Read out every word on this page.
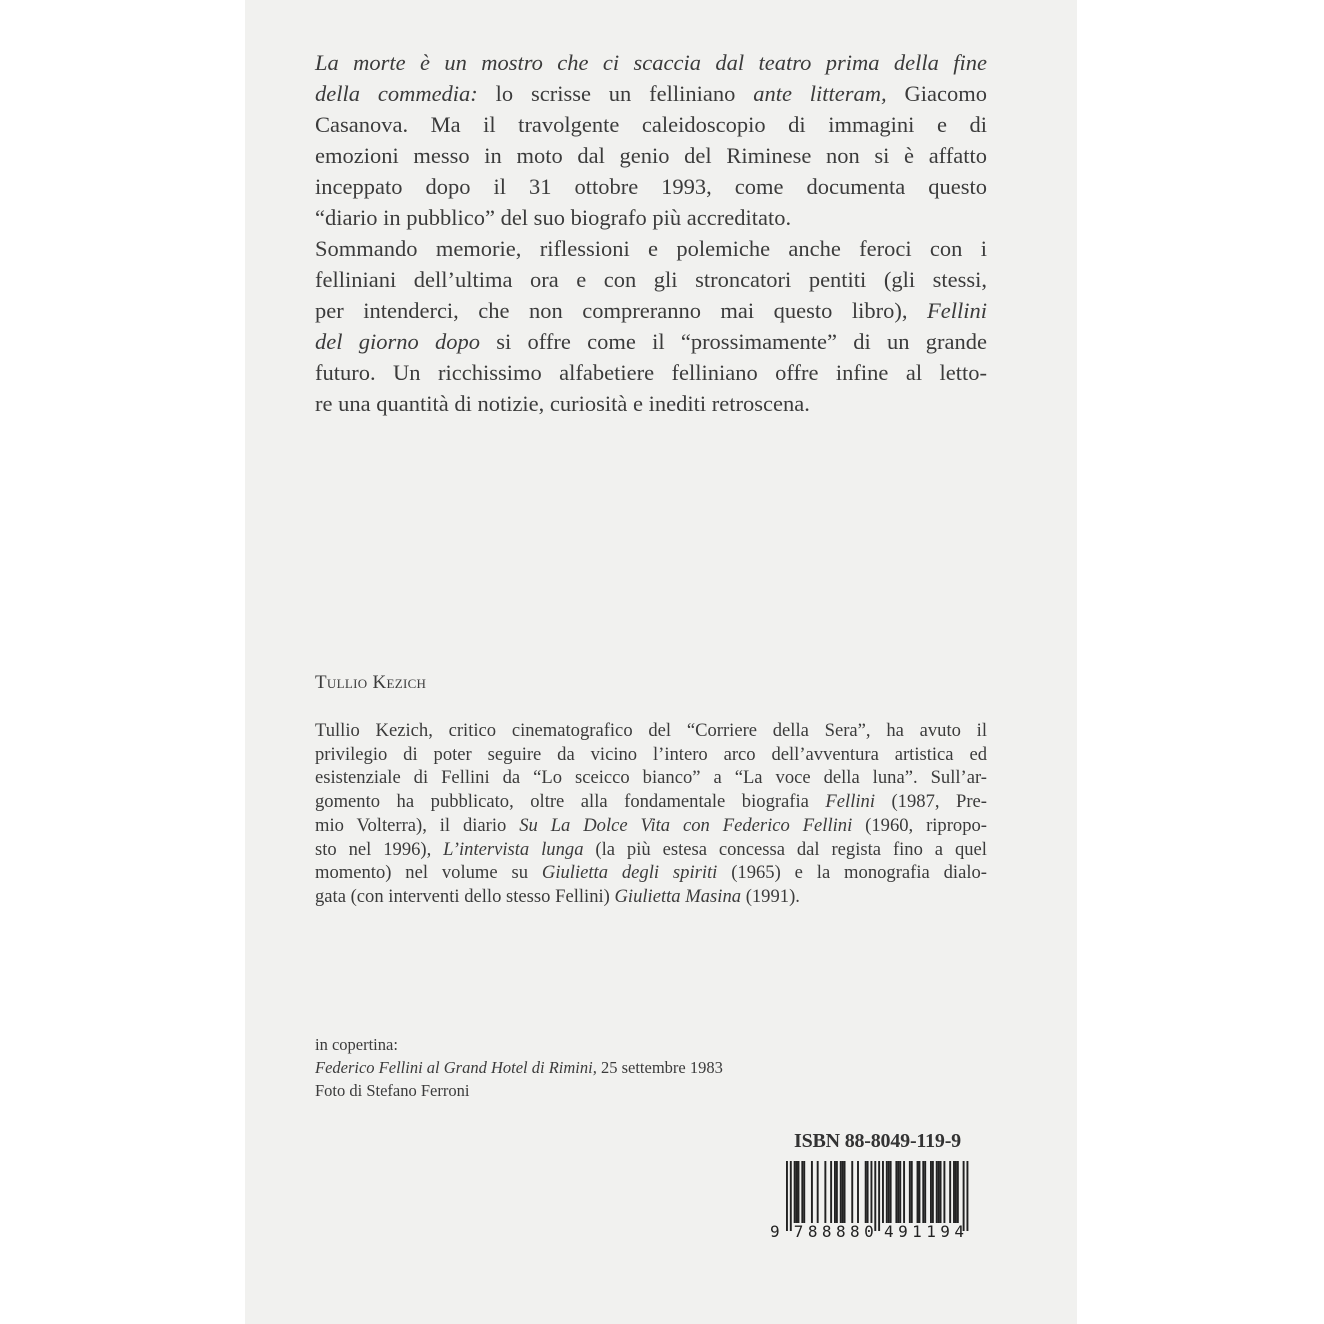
La morte è un mostro che ci scaccia dal teatro prima della fine
della commedia: lo scrisse un felliniano ante litteram, Giacomo
Casanova. Ma il travolgente caleidoscopio di immagini e di
emozioni messo in moto dal genio del Riminese non si è affatto
inceppato dopo il 31 ottobre 1993, come documenta questo
“diario in pubblico” del suo biografo più accreditato.
Sommando memorie, riflessioni e polemiche anche feroci con i
felliniani dell’ultima ora e con gli stroncatori pentiti (gli stessi,
per intenderci, che non compreranno mai questo libro), Fellini
del giorno dopo si offre come il “prossimamente” di un grande
futuro. Un ricchissimo alfabetiere felliniano offre infine al letto-
re una quantità di notizie, curiosità e inediti retroscena.
Tullio Kezich
Tullio Kezich, critico cinematografico del “Corriere della Sera”, ha avuto il
privilegio di poter seguire da vicino l’intero arco dell’avventura artistica ed
esistenziale di Fellini da “Lo sceicco bianco” a “La voce della luna”. Sull’ar-
gomento ha pubblicato, oltre alla fondamentale biografia Fellini (1987, Pre-
mio Volterra), il diario Su La Dolce Vita con Federico Fellini (1960, ripropo-
sto nel 1996), L’intervista lunga (la più estesa concessa dal regista fino a quel
momento) nel volume su Giulietta degli spiriti (1965) e la monografia dialo-
gata (con interventi dello stesso Fellini) Giulietta Masina (1991).
in copertina:
Federico Fellini al Grand Hotel di Rimini, 25 settembre 1983
Foto di Stefano Ferroni
ISBN 88-8049-119-9
9 788880 491194
